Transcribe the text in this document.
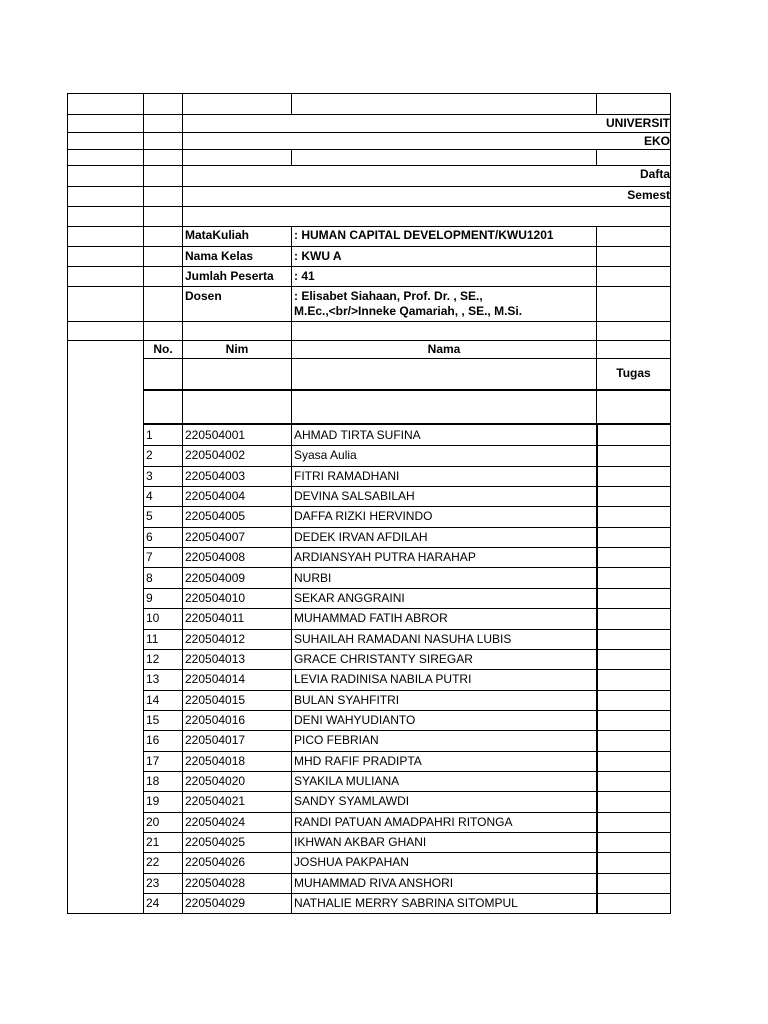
UNIVERSIT
EKO
Dafta
Semest
MataKuliah	: HUMAN CAPITAL DEVELOPMENT/KWU1201
Nama Kelas	: KWU A
Jumlah Peserta : 41
Dosen	: Elisabet Siahaan, Prof. Dr. , SE.,
M.Ec.,<br/>Inneke Qamariah, , SE., M.Si.
No.	Nim	Nama
Tugas
1	220504001	AHMAD TIRTA SUFINA
2	220504002	Syasa Aulia
3	220504003	FITRI RAMADHANI
4	220504004	DEVINA SALSABILAH
5	220504005	DAFFA RIZKI HERVINDO
6	220504007	DEDEK IRVAN AFDILAH
7	220504008	ARDIANSYAH PUTRA HARAHAP
8	220504009	NURBI
9	220504010	SEKAR ANGGRAINI
10	220504011	MUHAMMAD FATIH ABROR
11	220504012	SUHAILAH RAMADANI NASUHA LUBIS
12	220504013	GRACE CHRISTANTY SIREGAR
13	220504014	LEVIA RADINISA NABILA PUTRI
14	220504015	BULAN SYAHFITRI
15	220504016	DENI WAHYUDIANTO
16	220504017	PICO FEBRIAN
17	220504018	MHD RAFIF PRADIPTA
18	220504020	SYAKILA MULIANA
19	220504021	SANDY SYAMLAWDI
20	220504024	RANDI PATUAN AMADPAHRI RITONGA
21	220504025	IKHWAN AKBAR GHANI
22	220504026	JOSHUA PAKPAHAN
23	220504028	MUHAMMAD RIVA ANSHORI
24	220504029	NATHALIE MERRY SABRINA SITOMPUL
